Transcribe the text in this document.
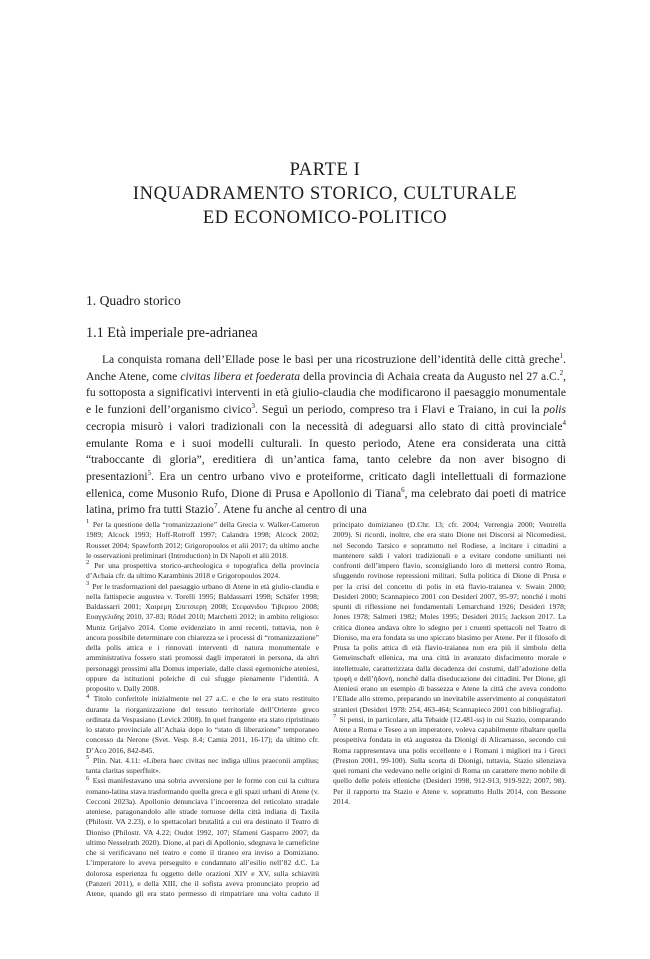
PARTE I
INQUADRAMENTO STORICO, CULTURALE
ED ECONOMICO-POLITICO
1. Quadro storico
1.1 Età imperiale pre-adrianea

La conquista romana dell’Ellade pose le basi per una ricostruzione dell’identità delle città greche$^1$. Anche Atene, come civitas libera et foederata della provincia di Achaia creata da Augusto nel 27 a.C.$^2$, fu sottoposta a significativi interventi in età giulio-claudia che modificarono il paesaggio monumentale e le funzioni dell’organismo civico$^3$. Seguì un periodo, compreso tra i Flavi e Traiano, in cui la polis cecropia misurò i valori tradizionali con la necessità di adeguarsi allo stato di città provinciale$^4$ emulante Roma e i suoi modelli culturali. In questo periodo, Atene era considerata una città “traboccante di gloria”, ereditiera di un’antica fama, tanto celebre da non aver bisogno di presentazioni$^5$. Era un centro urbano vivo e proteiforme, criticato dagli intellettuali di formazione ellenica, come Musonio Rufo, Dione di Prusa e Apollonio di Tiana$^6$, ma celebrato dai poeti di matrice latina, primo fra tutti Stazio$^7$. Atene fu anche al centro di una

1 Per la questione della “romanizzazione” della Grecia v. Walker-Cameron 1989; Alcock 1993; Hoff-Rotroff 1997; Calandra 1998; Alcock 2002; Rousset 2004; Spawforth 2012; Grigoropoulos et alii 2017; da ultimo anche le osservazioni preliminari (Introduction) in Di Napoli et alii 2018.

2 Per una prospettiva storico-archeologica e topografica della provincia d’Achaia cfr. da ultimo Karambinis 2018 e Grigoropoulos 2024.

3 Per le trasformazioni del paesaggio urbano di Atene in età giulio-claudia e nella fattispecie augustea v. Torelli 1995; Baldassarri 1998; Schäfer 1998; Baldassarri 2001; Χαιρεμη Σπετσιερη 2008; Στεφανιδου Τιβεριου 2008; Ευαγγελιδης 2010, 37-83; Rödel 2010; Marchetti 2012; in ambito religioso: Muniz Grijalvo 2014. Come evidenziato in anni recenti, tuttavia, non è ancora possibile determinare con chiarezza se i processi di “romanizzazione” della polis attica e i rinnovati interventi di natura monumentale e amministrativa fossero stati promossi dagli imperatori in persona, da altri personaggi prossimi alla Domus imperiale, dalle classi egemoniche ateniesi, oppure da istituzioni poleiche di cui sfugge pienamente l’identità. A proposito v. Dally 2008.

4 Titolo conferitole inizialmente nel 27 a.C. e che le era stato restituito durante la riorganizzazione del tessuto territoriale dell’Oriente greco ordinata da Vespasiano (Levick 2008). In quel frangente era stato ripristinato lo statuto provinciale all’Achaia dopo lo “stato di liberazione” temporaneo concesso da Nerone (Svet. Vesp. 8.4; Camia 2011, 16-17); da ultimo cfr. D’Aco 2016, 842-845.

5 Plin. Nat. 4.11: «Libera haec civitas nec indiga ullius praeconii amplius; tanta claritas superfluit».

6 Essi manifestavano una sobria avversione per le forme con cui la cultura romano-latina stava trasformando quella greca e gli spazi urbani di Atene (v. Cecconi 2023a). Apollonio denunciava l’incoerenza del reticolato stradale ateniese, paragonandolo alle strade tortuose della città indiana di Taxila (Philostr. VA 2.23), e lo spettacolari brutalità a cui era destinato il Teatro di Dioniso (Philostr. VA 4.22; Oudot 1992, 107; Sfameni Gasparro 2007; da ultimo Nesselrath 2020). Dione, al pari di Apollonio, sdegnava le carneficine che si verificavano nel teatro e come il tiraneo era inviso a Domiziano. L’imperatore lo aveva perseguito e condannato all’esilio nell’82 d.C. La dolorosa esperienza fu oggetto delle orazioni XIV e XV, sulla schiavitù (Panzeri 2011), e della XIII, che il sofista aveva pronunciato proprio ad Atene, quando gli era stato permesso di rimpatriare una volta caduto il principato domizianeo (D.Chr. 13; cfr. 2004; Verrengia 2000; Ventrella 2009). Si ricordi, inoltre, che era stato Dione nei Discorsi ai Nicomediesi, nel Secondo Tarsico e soprattutto nel Rodiese, a incitare i cittadini a mantenere saldi i valori tradizionali e a evitare condotte umilianti nei confronti dell’impero flavio, sconsigliando loro di mettersi contro Roma, sfuggendo rovinose repressioni militari. Sulla politica di Dione di Prusa e per la crisi del concetto di polis in età flavio-traianea v. Swain 2000; Desideri 2000; Scannapieco 2001 con Desideri 2007, 95-97; nonché i molti spunti di riflessione nei fondamentali Lemarchand 1926; Desideri 1978; Jones 1978; Salmeri 1982; Moles 1995; Desideri 2015; Jackson 2017. La critica dionea andava oltre lo sdegno per i cruenti spettacoli nel Teatro di Dioniso, ma era fondata su uno spiccato biasimo per Atene. Per il filosofo di Prusa la polis attica di età flavio-traianea non era più il simbolo della Gemeinschaft ellenica, ma una città in avanzato disfacimento morale e intellettuale, caratterizzata dalla decadenza dei costumi, dall’adozione della τρυφή e dell’ἡδονή, nonché dalla diseducazione dei cittadini. Per Dione, gli Ateniesi erano un esempio di bassezza e Atene la città che aveva condotto l’Ellade allo stremo, preparando un inevitabile asservimento ai conquistatori stranieri (Desideri 1978: 254, 463-464; Scannapieco 2001 con bibliografia).

7 Si pensi, in particolare, alla Tebaide (12.481-ss) in cui Stazio, comparando Atene a Roma e Teseo a un imperatore, voleva capabilmente ribaltare quella prospettiva fondata in età augustea da Dionigi di Alicarnasso, secondo cui Roma rappresentava una polis eccellente e i Romani i migliori tra i Greci (Preston 2001, 99-100). Sulla scorta di Dionigi, tuttavia, Stazio silenziava quei romani che vedevano nelle origini di Roma un carattere meno nobile di quello delle poleis elleniche (Desideri 1998, 912-913, 919-922; 2007, 98). Per il rapporto tra Stazio e Atene v. soprattutto Hulls 2014, con Bessone 2014.
